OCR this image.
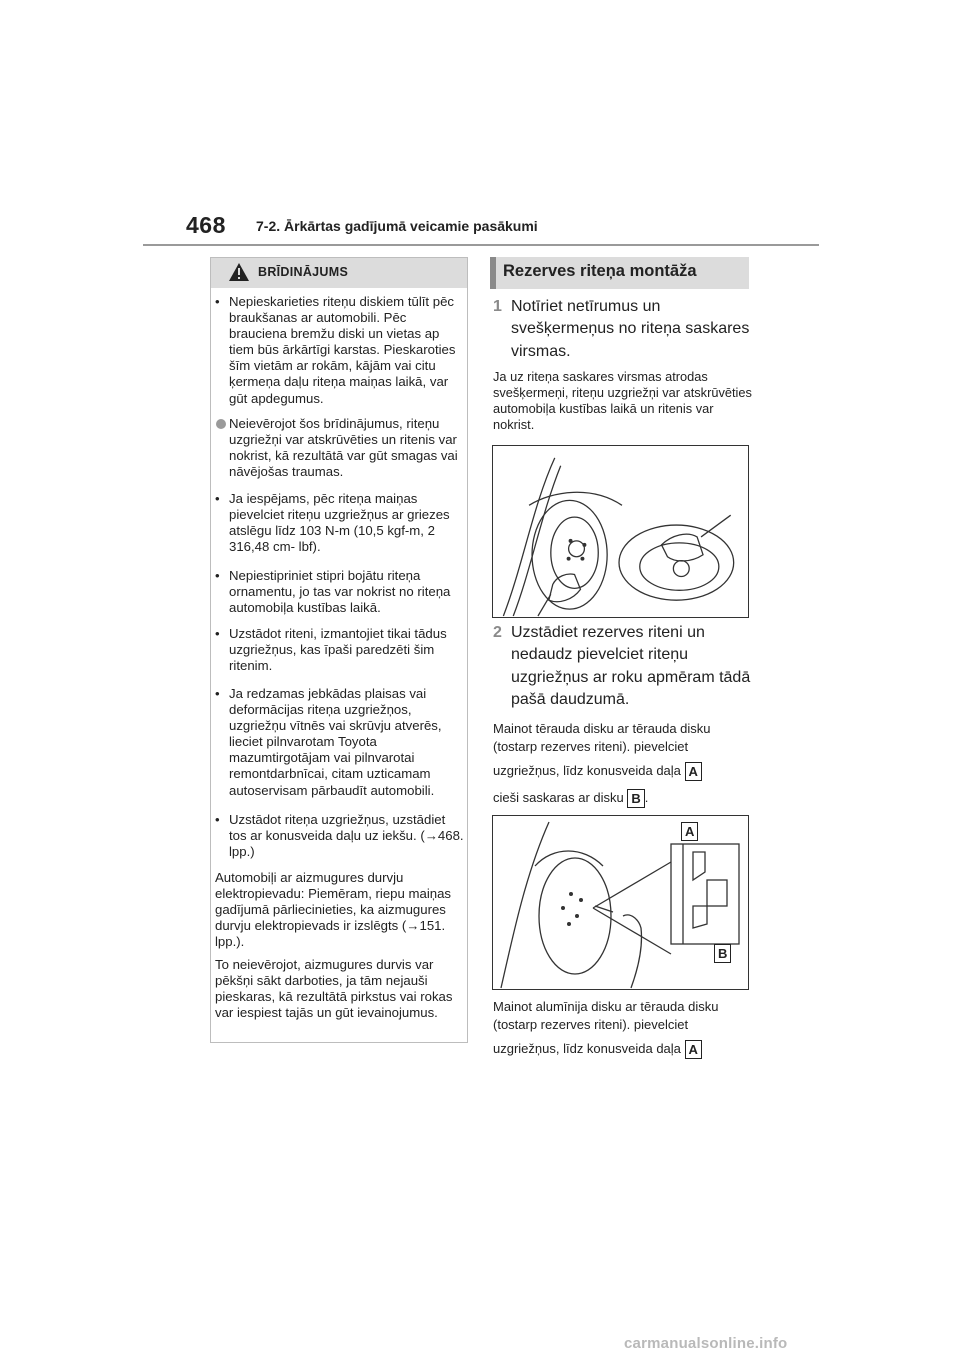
468 7-2. Ārkārtas gadījumā veicamie pasākumi
BRĪDINĀJUMS
• Nepieskarieties riteņu diskiem tūlīt pēc braukšanas ar automobili. Pēc brauciena bremžu diski un vietas ap tiem būs ārkārtīgi karstas. Pieskaroties šīm vietām ar rokām, kājām vai citu ķermeņa daļu riteņa maiņas laikā, var gūt apdegumus.
Neievērojot šos brīdinājumus, riteņu uzgriežņi var atskrūvēties un ritenis var nokrist, kā rezultātā var gūt smagas vai nāvējošas traumas.
• Ja iespējams, pēc riteņa maiņas pievelciet riteņu uzgriežņus ar griezes atslēgu līdz 103 N-m (10,5 kgf-m, 2 316,48 cm- lbf).
• Nepiestipriniet stipri bojātu riteņa ornamentu, jo tas var nokrist no riteņa automobiļa kustības laikā.
• Uzstādot riteni, izmantojiet tikai tādus uzgriežņus, kas īpaši paredzēti šim ritenim.
• Ja redzamas jebkādas plaisas vai deformācijas riteņa uzgriežņos, uzgriežņu vītnēs vai skrūvju atverēs, lieciet pilnvarotam Toyota mazumtirgotājam vai pilnvarotai remontdarbnīcai, citam uzticamam autoservisam pārbaudīt automobili.
• Uzstādot riteņa uzgriežņus, uzstādiet tos ar konusveida daļu uz iekšu. (→468. lpp.)
Automobiļi ar aizmugures durvju elektropievadu: Piemēram, riepu maiņas gadījumā pārliecinieties, ka aizmugures durvju elektropievads ir izslēgts (→151. lpp.).
To neievērojot, aizmugures durvis var pēkšņi sākt darboties, ja tām nejauši pieskaras, kā rezultātā pirkstus vai rokas var iespiest tajās un gūt ievainojumus.
Rezerves riteņa montāža
1 Notīriet netīrumus un svešķermeņus no riteņa saskares virsmas.
Ja uz riteņa saskares virsmas atrodas svešķermeņi, riteņu uzgriežņi var atskrūvēties automobiļa kustības laikā un ritenis var nokrist.
2 Uzstādiet rezerves riteni un nedaudz pievelciet riteņu uzgriežņus ar roku apmēram tādā pašā daudzumā.
Mainot tērauda disku ar tērauda disku
(tostarp rezerves riteni). pievelciet
uzgriežņus, līdz konusveida daļa A
cieši saskaras ar disku B .
A
B
Mainot alumīnija disku ar tērauda disku
(tostarp rezerves riteni). pievelciet
uzgriežņus, līdz konusveida daļa A
carmanualsonline.info
